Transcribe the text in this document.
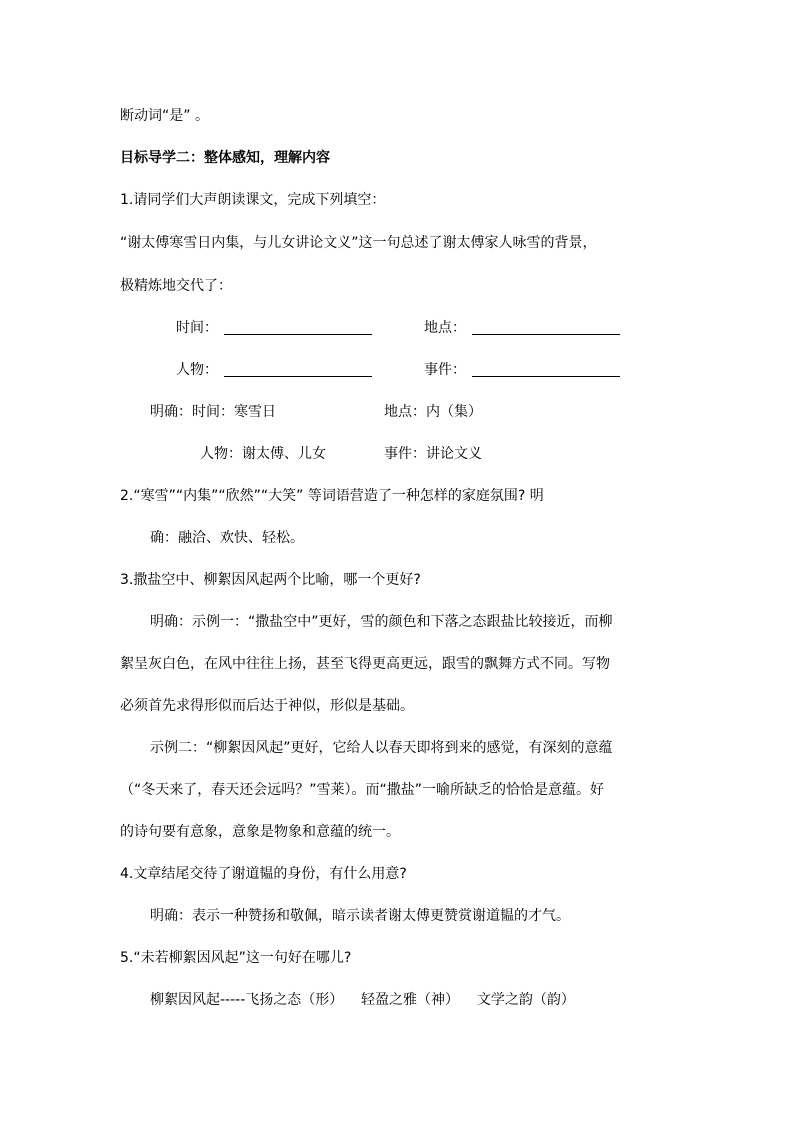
断动词“是” 。
目标导学二：整体感知，理解内容
1.请同学们大声朗读课文，完成下列填空：
“谢太傅寒雪日内集，与儿女讲论文义”这一句总述了谢太傅家人咏雪的背景，
极精炼地交代了：
时间：	地点：
人物：	事件：
明确：时间：寒雪日	地点：内（集）
人物：谢太傅、儿女	事件：讲论文义
2.“寒雪”“内集”“欣然”“大笑” 等词语营造了一种怎样的家庭氛围? 明
确：融洽、欢快、轻松。
3.撒盐空中、柳絮因风起两个比喻，哪一个更好?
明确：示例一：“撒盐空中”更好，雪的颜色和下落之态跟盐比较接近，而柳
絮呈灰白色，在风中往往上扬，甚至飞得更高更远，跟雪的飘舞方式不同。写物
必须首先求得形似而后达于神似，形似是基础。
示例二：“柳絮因风起”更好，它给人以春天即将到来的感觉，有深刻的意蕴
（“冬天来了，春天还会远吗？”雪莱）。而“撒盐”一喻所缺乏的恰恰是意蕴。好
的诗句要有意象，意象是物象和意蕴的统一。
4.文章结尾交待了谢道韫的身份，有什么用意?
明确：表示一种赞扬和敬佩，暗示读者谢太傅更赞赏谢道韫的才气。
5.“未若柳絮因风起”这一句好在哪儿?
柳絮因风起-----飞扬之态（形）    轻盈之雅（神）    文学之韵（韵）
